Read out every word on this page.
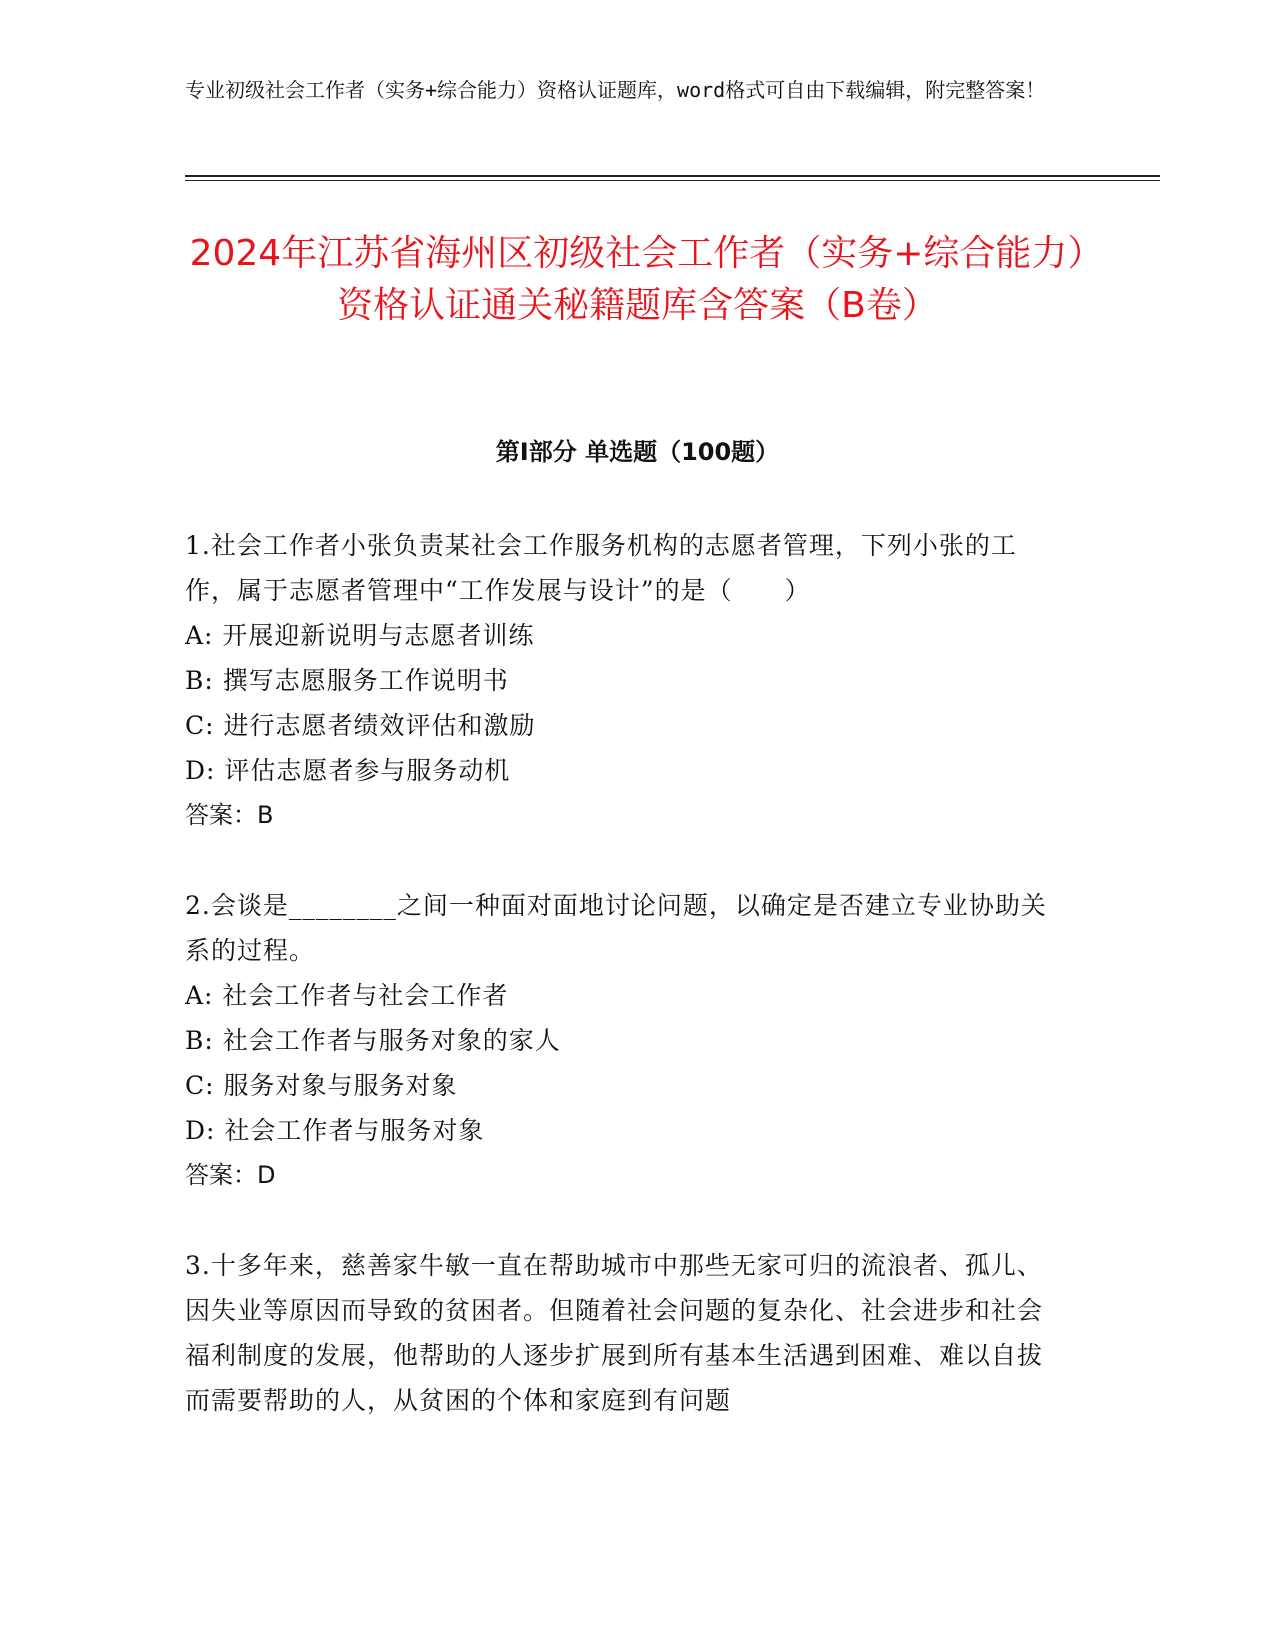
专业初级社会工作者（实务+综合能力）资格认证题库，word格式可自由下载编辑，附完整答案！
2024年江苏省海州区初级社会工作者（实务+综合能力）资格认证通关秘籍题库含答案（B卷）
第I部分 单选题（100题）

1.社会工作者小张负责某社会工作服务机构的志愿者管理，下列小张的工作，属于志愿者管理中“工作发展与设计”的是（　　）

A: 开展迎新说明与志愿者训练

B: 撰写志愿服务工作说明书

C: 进行志愿者绩效评估和激励

D: 评估志愿者参与服务动机

答案：B

2.会谈是________之间一种面对面地讨论问题，以确定是否建立专业协助关系的过程。

A: 社会工作者与社会工作者

B: 社会工作者与服务对象的家人

C: 服务对象与服务对象

D: 社会工作者与服务对象

答案：D

3.十多年来，慈善家牛敏一直在帮助城市中那些无家可归的流浪者、孤儿、因失业等原因而导致的贫困者。但随着社会问题的复杂化、社会进步和社会福利制度的发展，他帮助的人逐步扩展到所有基本生活遇到困难、难以自拔而需要帮助的人，从贫困的个体和家庭到有问题
